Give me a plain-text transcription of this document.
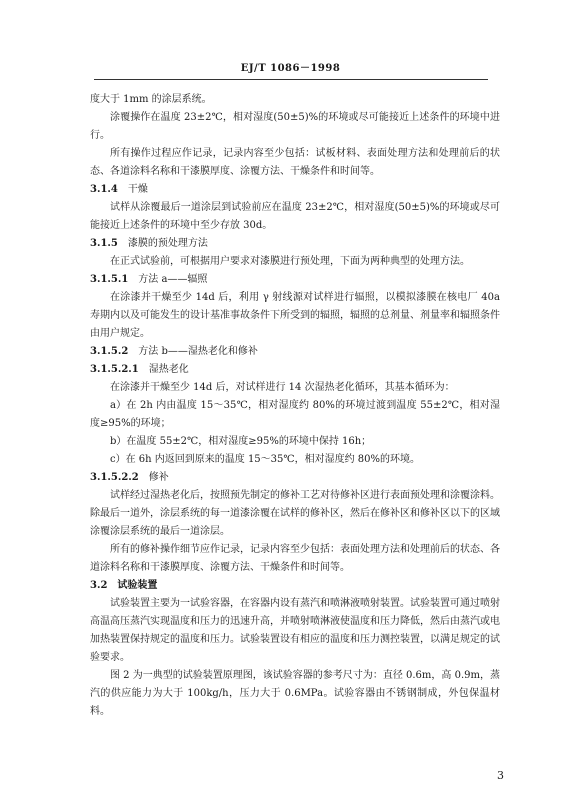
EJ/T 1086－1998

度大于 1mm 的涂层系统。

涂覆操作在温度 23±2℃，相对湿度(50±5)%的环境或尽可能接近上述条件的环境中进行。

所有操作过程应作记录，记录内容至少包括：试板材料、表面处理方法和处理前后的状态、各道涂料名称和干漆膜厚度、涂覆方法、干燥条件和时间等。

3.1.4 干燥

试样从涂覆最后一道涂层到试验前应在温度 23±2℃，相对湿度(50±5)%的环境或尽可能接近上述条件的环境中至少存放 30d。

3.1.5 漆膜的预处理方法

在正式试验前，可根据用户要求对漆膜进行预处理，下面为两种典型的处理方法。

3.1.5.1 方法 a——辐照

在涂漆并干燥至少 14d 后，利用 γ 射线源对试样进行辐照，以模拟漆膜在核电厂 40a 寿期内以及可能发生的设计基准事故条件下所受到的辐照，辐照的总剂量、剂量率和辐照条件由用户规定。

3.1.5.2 方法 b——湿热老化和修补

3.1.5.2.1 湿热老化

在涂漆并干燥至少 14d 后，对试样进行 14 次湿热老化循环，其基本循环为：

a）在 2h 内由温度 15～35℃，相对湿度约 80%的环境过渡到温度 55±2℃，相对湿度≥95%的环境；

b）在温度 55±2℃，相对湿度≥95%的环境中保持 16h；

c）在 6h 内返回到原来的温度 15～35℃，相对湿度约 80%的环境。

3.1.5.2.2 修补

试样经过湿热老化后，按照预先制定的修补工艺对待修补区进行表面预处理和涂覆涂料。除最后一道外，涂层系统的每一道漆涂覆在试样的修补区，然后在修补区和修补区以下的区域涂覆涂层系统的最后一道涂层。

所有的修补操作细节应作记录，记录内容至少包括：表面处理方法和处理前后的状态、各道涂料名称和干漆膜厚度、涂覆方法、干燥条件和时间等。

3.2 试验装置

试验装置主要为一试验容器，在容器内设有蒸汽和喷淋液喷射装置。试验装置可通过喷射高温高压蒸汽实现温度和压力的迅速升高，并喷射喷淋液使温度和压力降低，然后由蒸汽或电加热装置保持规定的温度和压力。试验装置设有相应的温度和压力测控装置，以满足规定的试验要求。

图 2 为一典型的试验装置原理图，该试验容器的参考尺寸为：直径 0.6m，高 0.9m，蒸汽的供应能力为大于 100kg/h，压力大于 0.6MPa。试验容器由不锈钢制成，外包保温材料。

3
